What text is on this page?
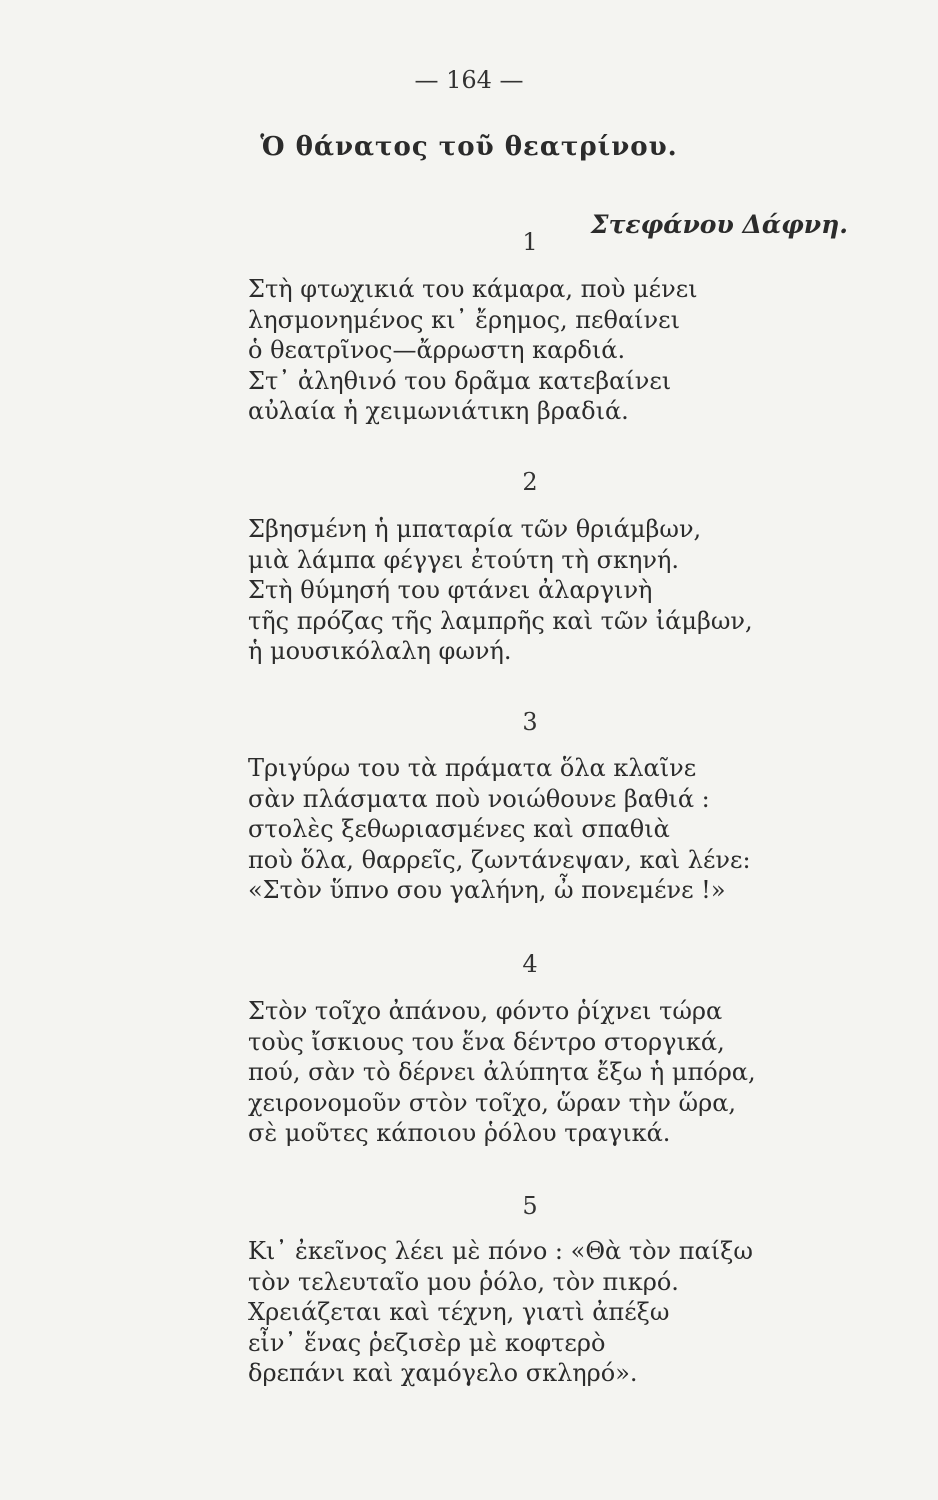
— 164 —
Ὁ θάνατος τοῦ θεατρίνου.
Στεφάνου Δάφνη.
1
Στὴ φτωχικιά του κάμαρα, ποὺ μένει
λησμονημένος κι᾽ ἔρημος, πεθαίνει
ὁ θεατρῖνος—ἄρρωστη καρδιά.
Στ᾽ ἀληθινό του δρᾶμα κατεβαίνει
αὐλαία ἡ χειμωνιάτικη βραδιά.
2
Σβησμένη ἡ μπαταρία τῶν θριάμβων,
μιὰ λάμπα φέγγει ἐτούτη τὴ σκηνή.
Στὴ θύμησή του φτάνει ἀλαργινὴ
τῆς πρόζας τῆς λαμπρῆς καὶ τῶν ἰάμβων,
ἡ μουσικόλαλη φωνή.
3
Τριγύρω του τὰ πράματα ὅλα κλαῖνε
σὰν πλάσματα ποὺ νοιώθουνε βαθιά :
στολὲς ξεθωριασμένες καὶ σπαθιὰ
ποὺ ὅλα, θαρρεῖς, ζωντάνεψαν, καὶ λένε:
«Στὸν ὕπνο σου γαλήνη, ὦ πονεμένε !»
4
Στὸν τοῖχο ἀπάνου, φόντο ῥίχνει τώρα
τοὺς ἴσκιους του ἕνα δέντρο στοργικά,
πού, σὰν τὸ δέρνει ἀλύπητα ἔξω ἡ μπόρα,
χειρονομοῦν στὸν τοῖχο, ὥραν τὴν ὥρα,
σὲ μοῦτες κάποιου ῥόλου τραγικά.
5
Κι᾽ ἐκεῖνος λέει μὲ πόνο : «Θὰ τὸν παίξω
τὸν τελευταῖο μου ῥόλο, τὸν πικρό.
Χρειάζεται καὶ τέχνη, γιατὶ ἀπέξω
εἶν᾽ ἕνας ῥεζισὲρ μὲ κοφτερὸ
δρεπάνι καὶ χαμόγελο σκληρό».
